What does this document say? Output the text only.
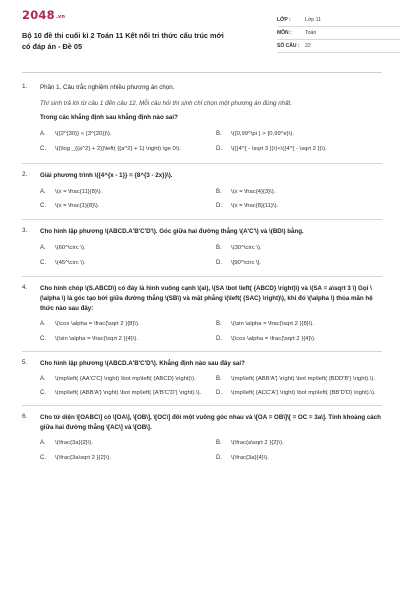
2048.vn
Bộ 10 đề thi cuối kì 2 Toán 11 Kết nối tri thức cấu trúc mới có đáp án - Đề 05
LỚP :	Lớp 11
MÔN :	Toán
SỐ CÂU :	22
1. Phần 1. Câu trắc nghiệm nhiều phương án chọn.
Thí sinh trả lời từ câu 1 đến câu 12. Mỗi câu hỏi thí sinh chỉ chọn một phương án đúng nhất.
Trong các khẳng định sau khẳng định nào sai?
A.	\({2^{30}} < {3^{20}}\).	B.	\({0,99^\pi } > {0,99^e}\).
C.	\({\log _{{a^2} + 2}}\left( {{a^2} + 1} \right) \ge 0\).	D.	\({{4^{ - \sqrt 3 }}\)<\({4^{ - \sqrt 2 }}\).
2. Giải phương trình \({4^{x - 1}} = {8^{3 - 2x}}\).
A.	\(x = \frac{11}{8}\).	B.	\(x = \frac{4}{3}\).
C.	\(x = \frac{1}{8}\).	D.	\(x = \frac{8}{11}\).
3. Cho hình lập phương \(ABCD.A'B'C'D'\). Góc giữa hai đường thẳng \(A'C'\) và \(BD\) bằng.
A.	\(60^\circ \).	B.	\(30^\circ \).
C.	\(45^\circ \).	D.	\[90^\circ \].
4. Cho hình chóp \(S.ABCD\) có đáy là hình vuông cạnh \(a\), \(SA \bot \left( {ABCD} \right)\) và \(SA = a\sqrt 3 \) Gọi \(\alpha \) là góc tạo bởi giữa đường thẳng \(SB\) và mặt phẳng \(\left( {SAC} \right)\), khi đó \(\alpha \) thỏa mãn hệ thức nào sau đây:
A.	\(\cos \alpha = \frac{\sqrt 2 }{8}\).	B.	\(\sin \alpha = \frac{\sqrt 2 }{8}\).
C.	\(\sin \alpha = \frac{\sqrt 2 }{4}\).	D.	\(\cos \alpha = \frac{\sqrt 2 }{4}\).
5. Cho hình lập phương \(ABCD.A'B'C'D'\). Khẳng định nào sau đây sai?
A.	\(mp\left( {AA'C'C} \right) \bot mp\left( {ABCD} \right)\).	B.	\(mp\left( {ABB'A'} \right) \bot mp\left( {BDD'B'} \right).\).
C.	\(mp\left( {ABB'A'} \right) \bot mp\left( {A'B'C'D'} \right).\).	D.	\(mp\left( {ACC'A'} \right) \bot mp\left( {BB'D'D} \right).\).
6. Cho tứ diện \[OABC\] có \[OA\], \[OB\], \[OC\] đôi một vuông góc nhau và \[OA = OB\]\[ = OC = 3a\]. Tính khoảng cách giữa hai đường thẳng \[AC\] và \[OB\].
A.	\(\frac{3a}{2}\).	B.	\(\frac{a\sqrt 2 }{2}\).
C.	\(\frac{3a\sqrt 2 }{2}\).	D.	\(\frac{3a}{4}\).
